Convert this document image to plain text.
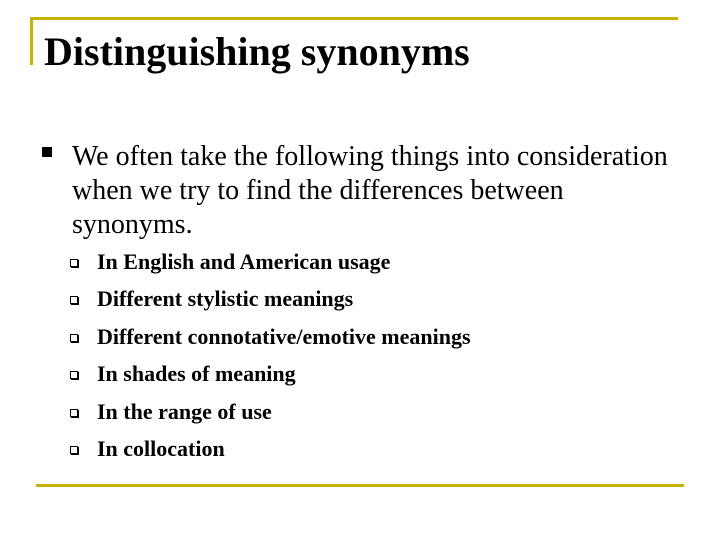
Distinguishing synonyms
We often take the following things into consideration when we try to find the differences between synonyms.
In English and American usage
Different stylistic meanings
Different connotative/emotive meanings
In shades of meaning
In the range of use
In collocation
